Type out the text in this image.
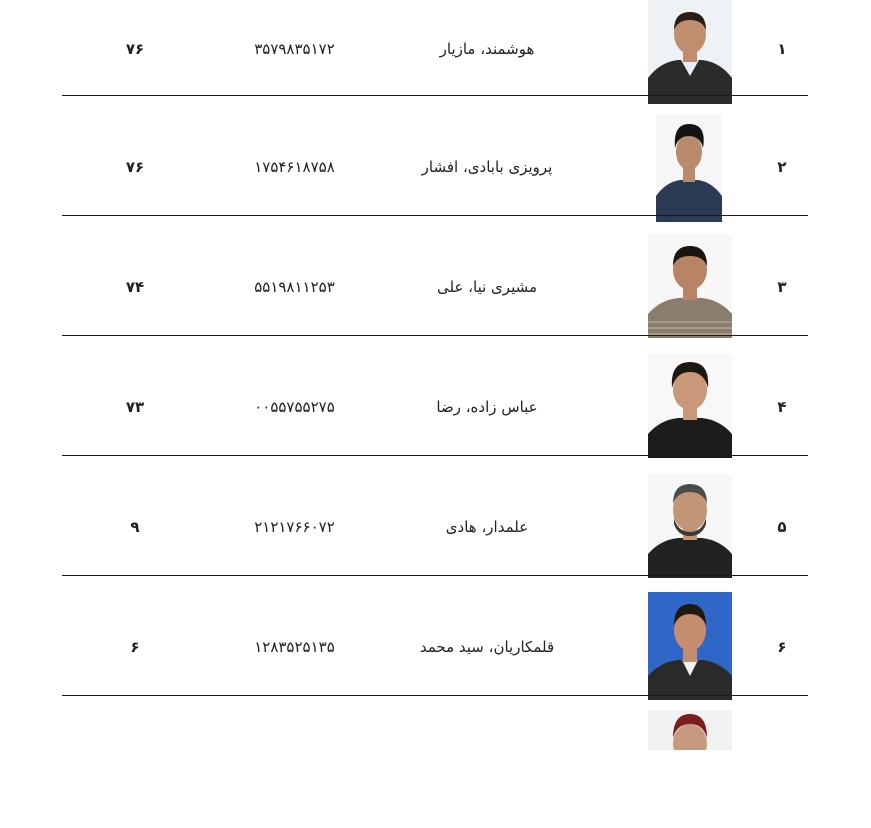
۱
هوشمند، مازیار
۳۵۷۹۸۳۵۱۷۲
۷۶
۲
پرویزی بابادی، افشار
۱۷۵۴۶۱۸۷۵۸
۷۶
۳
مشیری نیا، علی
۵۵۱۹۸۱۱۲۵۳
۷۴
۴
عباس زاده، رضا
۰۰۵۵۷۵۵۲۷۵
۷۳
۵
علمدار، هادی
۲۱۲۱۷۶۶۰۷۲
۹
۶
قلمکاریان، سید محمد
۱۲۸۳۵۲۵۱۳۵
۶
